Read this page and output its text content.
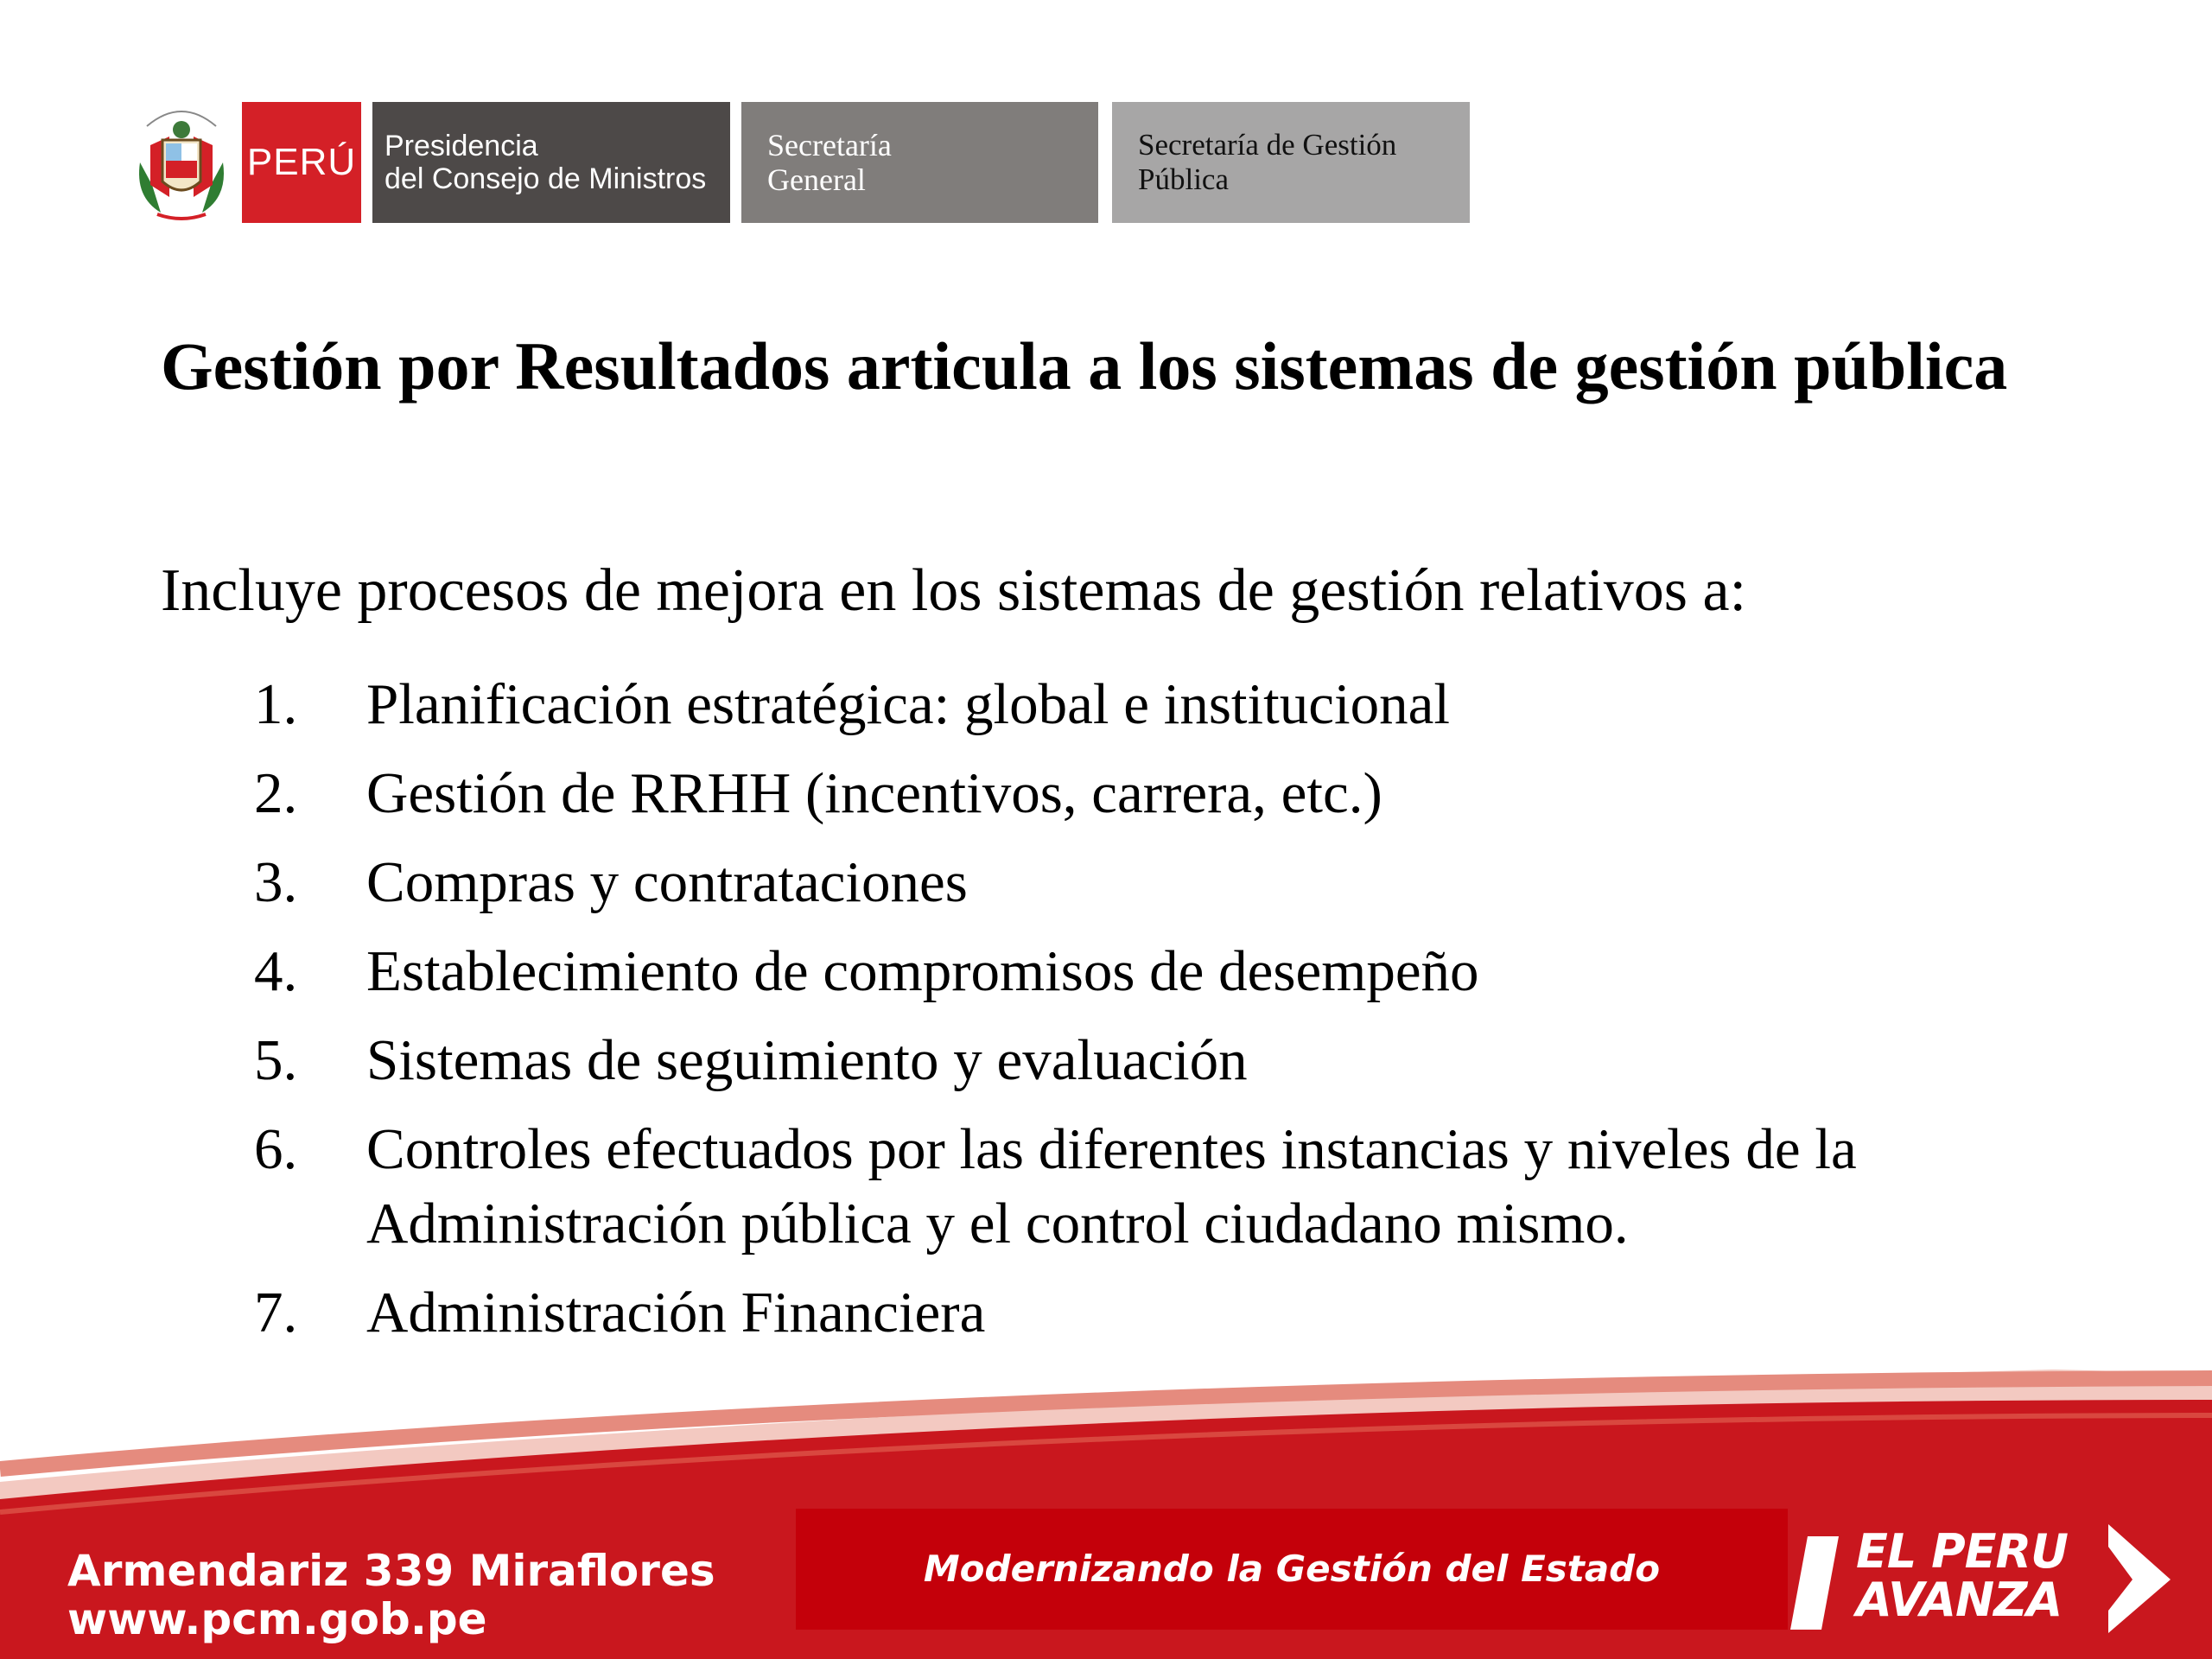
PERÚ Presidencia
del Consejo de Ministros
Secretaría
General
Secretaría de Gestión
Pública
Gestión por Resultados articula a los sistemas de gestión pública

Incluye procesos de mejora en los sistemas de gestión relativos a:

1. Planificación estratégica: global e institucional
2. Gestión de RRHH (incentivos, carrera, etc.)
3. Compras y contrataciones
4. Establecimiento de compromisos de desempeño
5. Sistemas de seguimiento y evaluación
6. Controles efectuados por las diferentes instancias y niveles de la Administración pública y el control ciudadano mismo.
7. Administración Financiera
Armendariz 339 Miraflores
www.pcm.gob.pe
Modernizando la Gestión del Estado	EL PERU
AVANZA
